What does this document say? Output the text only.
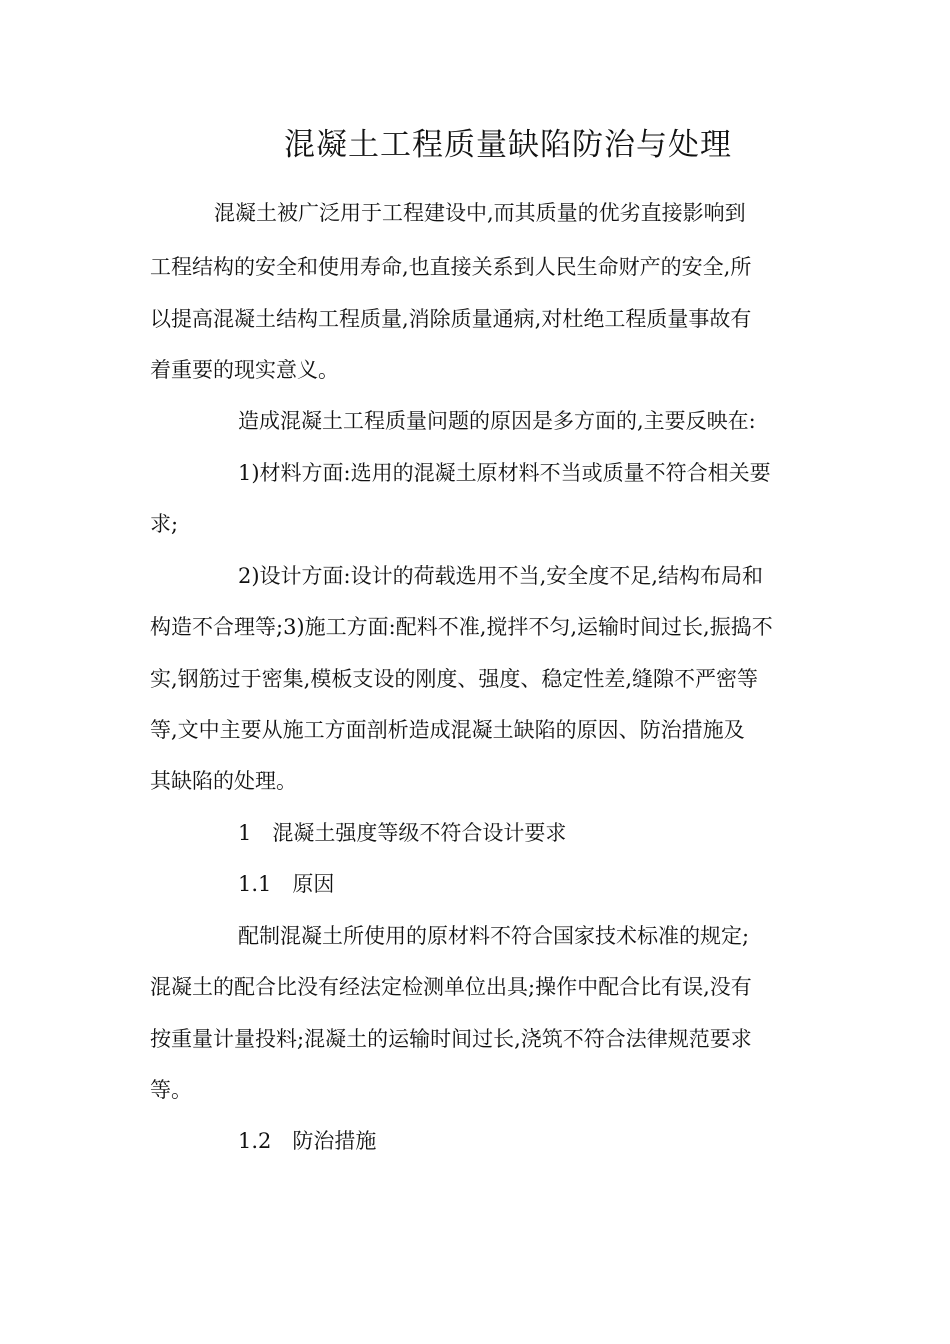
混凝土工程质量缺陷防治与处理
混凝土被广泛用于工程建设中,而其质量的优劣直接影响到
工程结构的安全和使用寿命,也直接关系到人民生命财产的安全,所
以提高混凝土结构工程质量,消除质量通病,对杜绝工程质量事故有
着重要的现实意义。
造成混凝土工程质量问题的原因是多方面的,主要反映在:
1)材料方面:选用的混凝土原材料不当或质量不符合相关要
求;
2)设计方面:设计的荷载选用不当,安全度不足,结构布局和
构造不合理等;3)施工方面:配料不准,搅拌不匀,运输时间过长,振捣不
实,钢筋过于密集,模板支设的刚度、强度、稳定性差,缝隙不严密等
等,文中主要从施工方面剖析造成混凝土缺陷的原因、防治措施及
其缺陷的处理。
1　混凝土强度等级不符合设计要求
1.1　原因
配制混凝土所使用的原材料不符合国家技术标准的规定;
混凝土的配合比没有经法定检测单位出具;操作中配合比有误,没有
按重量计量投料;混凝土的运输时间过长,浇筑不符合法律规范要求
等。
1.2　防治措施
